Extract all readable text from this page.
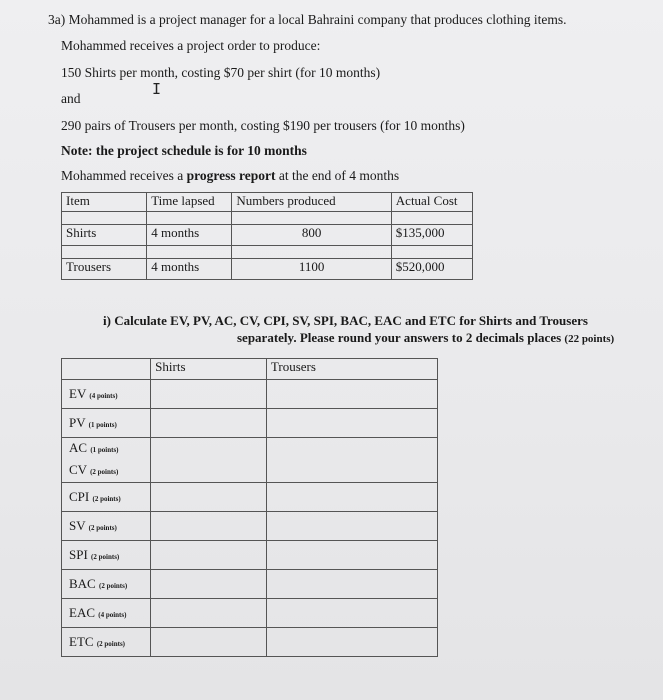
3a) Mohammed is a project manager for a local Bahraini company that produces clothing items.
Mohammed receives a project order to produce:
150 Shirts per month, costing $70 per shirt (for 10 months)
I
and
290 pairs of Trousers per month, costing $190 per trousers (for 10 months)
Note: the project schedule is for 10 months
Mohammed receives a progress report at the end of 4 months
Item	Time lapsed	Numbers produced	Actual Cost

Shirts	4 months	800	$135,000

Trousers	4 months	1100	$520,000
i) Calculate EV, PV, AC, CV, CPI, SV, SPI, BAC, EAC and ETC for Shirts and Trousers
separately. Please round your answers to 2 decimals places (22 points)
	Shirts	Trousers
EV (4 points)		
PV (1 points)		
AC (1 points)
CV (2 points)		
CPI (2 points)		
SV (2 points)		
SPI (2 points)		
BAC (2 points)		
EAC (4 points)		
ETC (2 points)		
